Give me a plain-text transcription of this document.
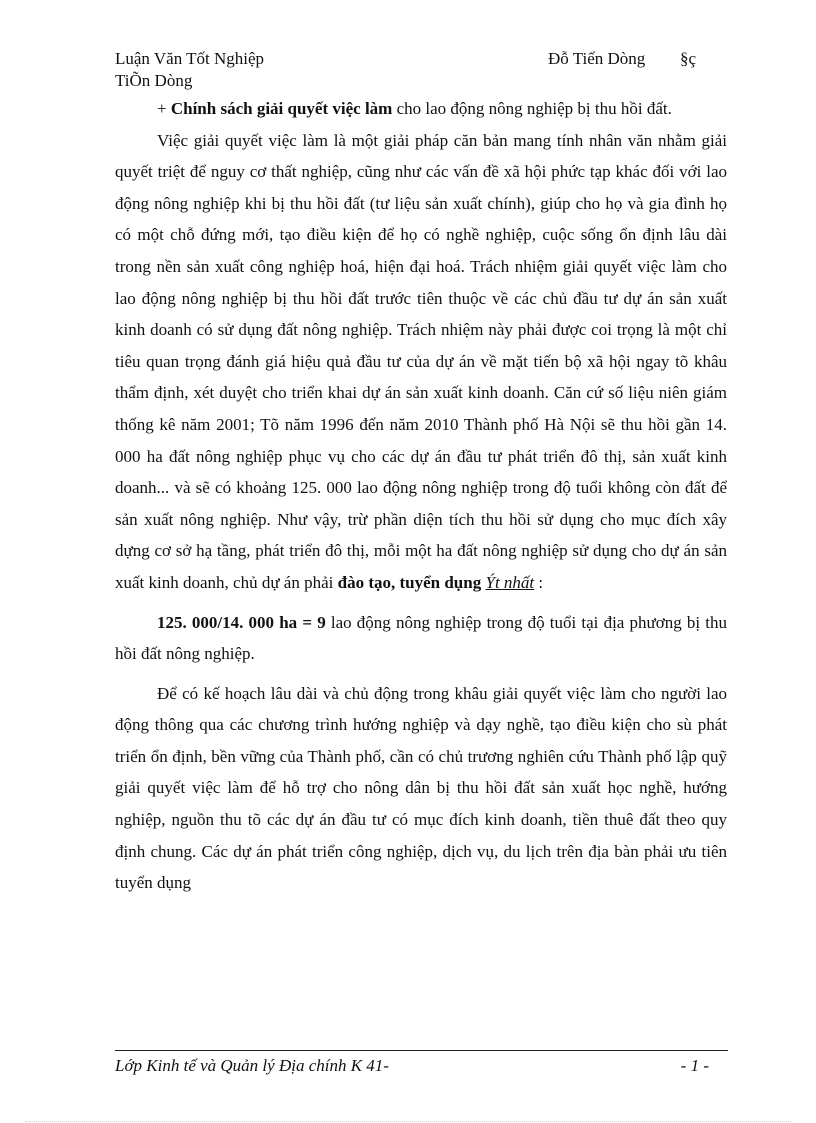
Luận Văn Tốt Nghiệp	Đỗ Tiến Dòng §ç
TiÕn Dòng

+ Chính sách giải quyết việc làm cho lao động nông nghiệp bị thu hồi đất.

Việc giải quyết việc làm là một giải pháp căn bản mang tính nhân văn nhằm giải quyết triệt để nguy cơ thất nghiệp, cũng như các vấn đề xã hội phức tạp khác đối với lao động nông nghiệp khi bị thu hồi đất (tư liệu sản xuất chính), giúp cho họ và gia đình họ có một chỗ đứng mới, tạo điều kiện để họ có nghề nghiệp, cuộc sống ổn định lâu dài trong nền sản xuất công nghiệp hoá, hiện đại hoá. Trách nhiệm giải quyết việc làm cho lao động nông nghiệp bị thu hồi đất trước tiên thuộc về các chủ đầu tư dự án sản xuất kinh doanh có sử dụng đất nông nghiệp. Trách nhiệm này phải được coi trọng là một chỉ tiêu quan trọng đánh giá hiệu quả đầu tư của dự án về mặt tiến bộ xã hội ngay tõ khâu thẩm định, xét duyệt cho triển khai dự án sản xuất kinh doanh. Căn cứ số liệu niên giám thống kê năm 2001; Tõ năm 1996 đến năm 2010 Thành phố Hà Nội sẽ thu hồi gần 14. 000 ha đất nông nghiệp phục vụ cho các dự án đầu tư phát triển đô thị, sản xuất kinh doanh... và sẽ có khoảng 125. 000 lao động nông nghiệp trong độ tuổi không còn đất để sản xuất nông nghiệp. Như vậy, trừ phần diện tích thu hồi sử dụng cho mục đích xây dựng cơ sở hạ tầng, phát triển đô thị, mỗi một ha đất nông nghiệp sử dụng cho dự án sản xuất kinh doanh, chủ dự án phải đào tạo, tuyển dụng Ýt nhất :

125. 000/14. 000 ha = 9 lao động nông nghiệp trong độ tuổi tại địa phương bị thu hồi đất nông nghiệp.

Để có kế hoạch lâu dài và chủ động trong khâu giải quyết việc làm cho người lao động thông qua các chương trình hướng nghiệp và dạy nghề, tạo điều kiện cho sù phát triển ổn định, bền vững của Thành phố, cần có chủ trương nghiên cứu Thành phố lập quỹ giải quyết việc làm để hỗ trợ cho nông dân bị thu hồi đất sản xuất học nghề, hướng nghiệp, nguồn thu tõ các dự án đầu tư có mục đích kinh doanh, tiền thuê đất theo quy định chung. Các dự án phát triển công nghiệp, dịch vụ, du lịch trên địa bàn phải ưu tiên tuyển dụng

Lớp Kinh tế và Quản lý Địa chính K 41-	- 1 -
